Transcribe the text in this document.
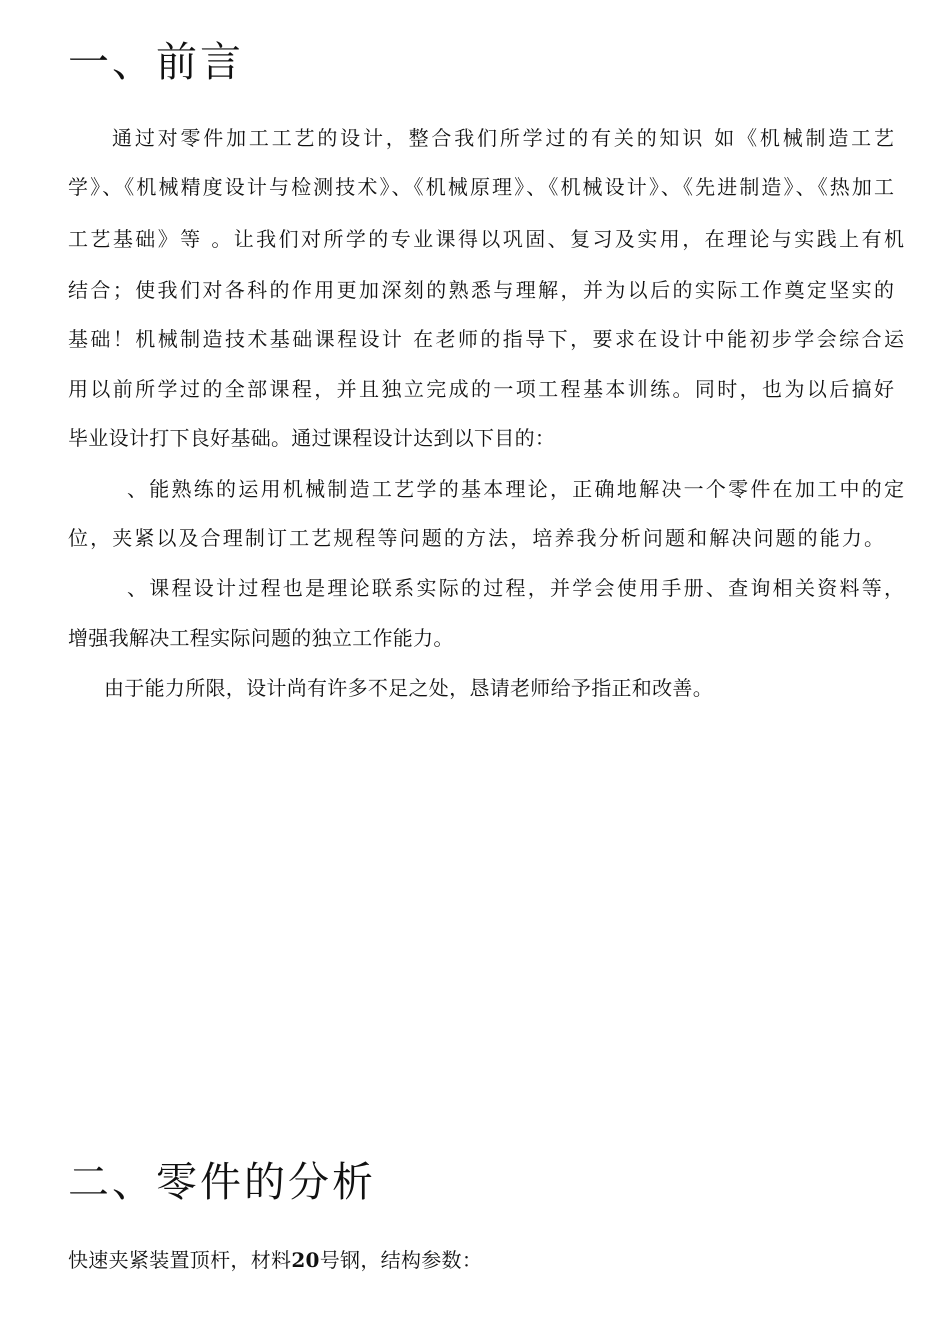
一、前言

通过对零件加工工艺的设计，整合我们所学过的有关的知识 如《机械制造工艺

学》、《机械精度设计与检测技术》、《机械原理》、《机械设计》、《先进制造》、《热加工

工艺基础》等 。让我们对所学的专业课得以巩固、复习及实用，在理论与实践上有机

结合；使我们对各科的作用更加深刻的熟悉与理解，并为以后的实际工作奠定坚实的

基础！机械制造技术基础课程设计 在老师的指导下，要求在设计中能初步学会综合运

用以前所学过的全部课程，并且独立完成的一项工程基本训练。同时，也为以后搞好

毕业设计打下良好基础。通过课程设计达到以下目的：

、能熟练的运用机械制造工艺学的基本理论，正确地解决一个零件在加工中的定

位，夹紧以及合理制订工艺规程等问题的方法，培养我分析问题和解决问题的能力。

、课程设计过程也是理论联系实际的过程，并学会使用手册、查询相关资料等，

增强我解决工程实际问题的独立工作能力。

由于能力所限，设计尚有许多不足之处，恳请老师给予指正和改善。

二、零件的分析

快速夹紧装置顶杆，材料20号钢，结构参数：
